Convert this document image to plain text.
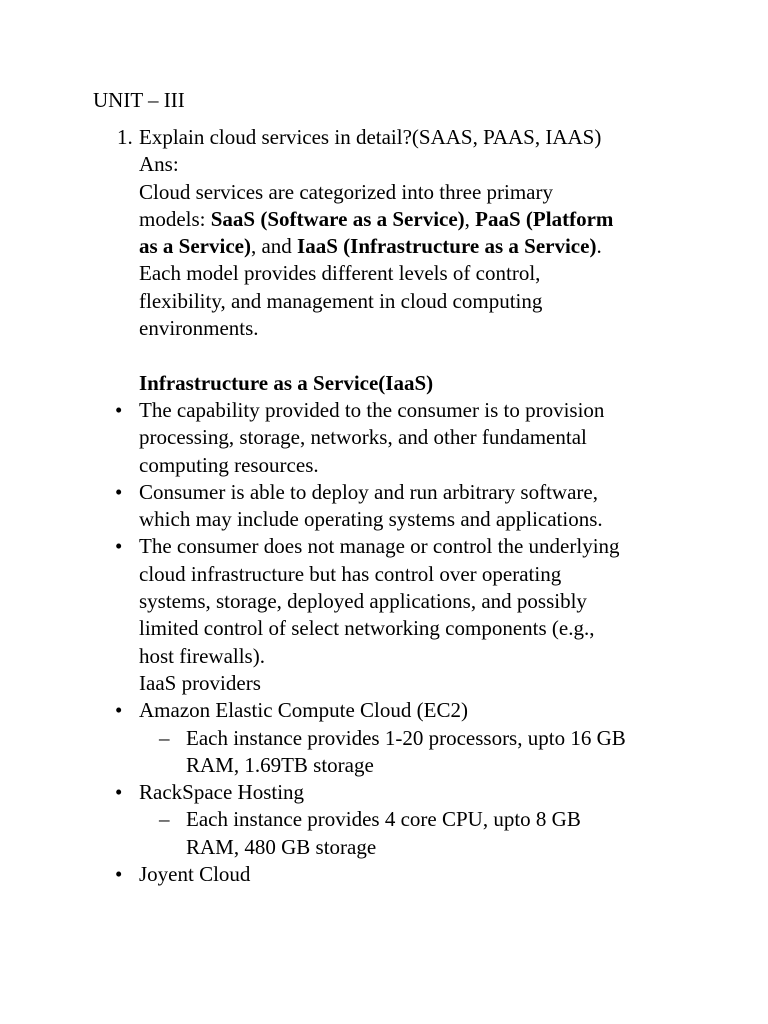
UNIT – III
1. Explain cloud services in detail?(SAAS, PAAS, IAAS)
Ans:
Cloud services are categorized into three primary
models: SaaS (Software as a Service), PaaS (Platform
as a Service), and IaaS (Infrastructure as a Service).
Each model provides different levels of control,
flexibility, and management in cloud computing
environments.
Infrastructure as a Service(IaaS)
• The capability provided to the consumer is to provision
processing, storage, networks, and other fundamental
computing resources.
• Consumer is able to deploy and run arbitrary software,
which may include operating systems and applications.
• The consumer does not manage or control the underlying
cloud infrastructure but has control over operating
systems, storage, deployed applications, and possibly
limited control of select networking components (e.g.,
host firewalls).
IaaS providers
• Amazon Elastic Compute Cloud (EC2)
– Each instance provides 1-20 processors, upto 16 GB
RAM, 1.69TB storage
• RackSpace Hosting
– Each instance provides 4 core CPU, upto 8 GB
RAM, 480 GB storage
• Joyent Cloud
